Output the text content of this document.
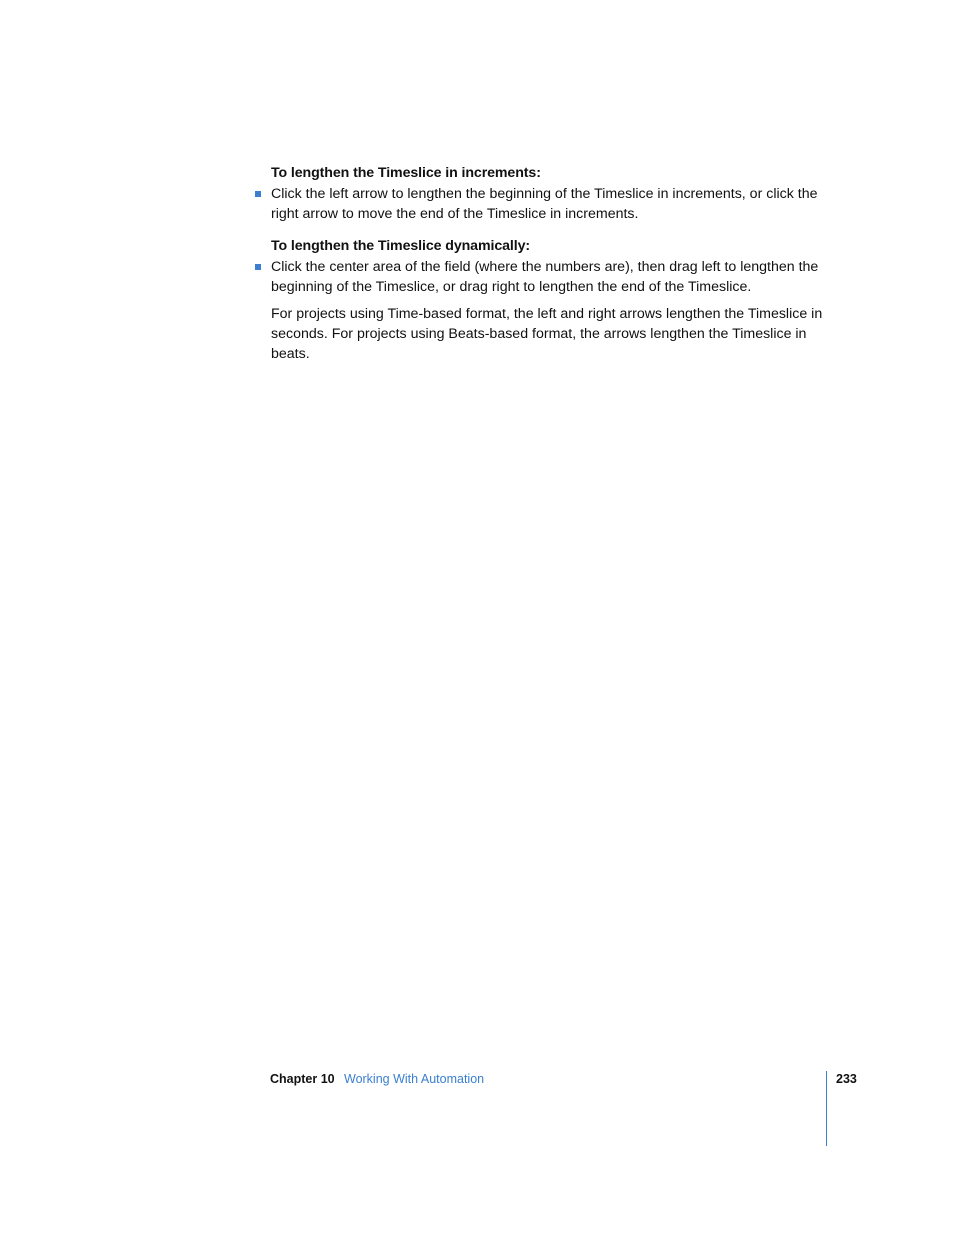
To lengthen the Timeslice in increments:
Click the left arrow to lengthen the beginning of the Timeslice in increments, or click the right arrow to move the end of the Timeslice in increments.
To lengthen the Timeslice dynamically:
Click the center area of the field (where the numbers are), then drag left to lengthen the beginning of the Timeslice, or drag right to lengthen the end of the Timeslice.

For projects using Time-based format, the left and right arrows lengthen the Timeslice in seconds. For projects using Beats-based format, the arrows lengthen the Timeslice in beats.

Chapter 10 Working With Automation	233
